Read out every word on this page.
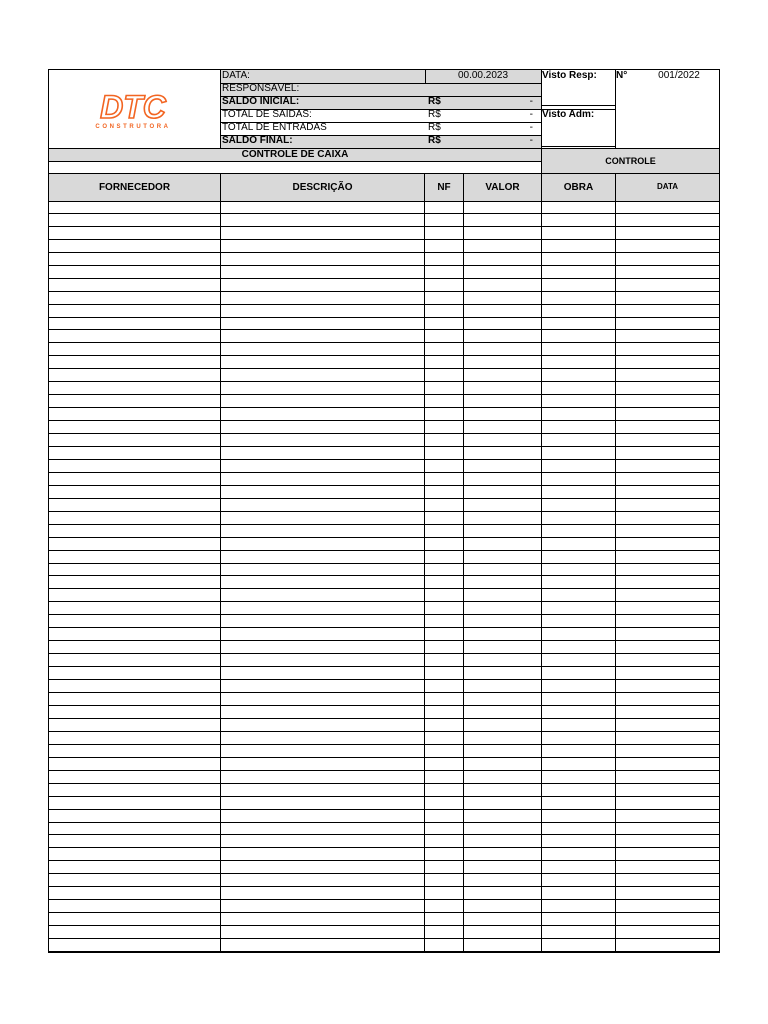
DTC
CONSTRUTORA
DATA:	00.00.2023
RESPONSÁVEL:
SALDO INICIAL:	R$	-
TOTAL DE SAÍDAS:	R$	-
TOTAL DE ENTRADAS	R$	-
SALDO FINAL:	R$	-
Visto Resp:
Visto Adm:
N°	001/2022
CONTROLE DE CAIXA
CONTROLE
FORNECEDOR	DESCRIÇÃO	NF	VALOR	OBRA	DATA
